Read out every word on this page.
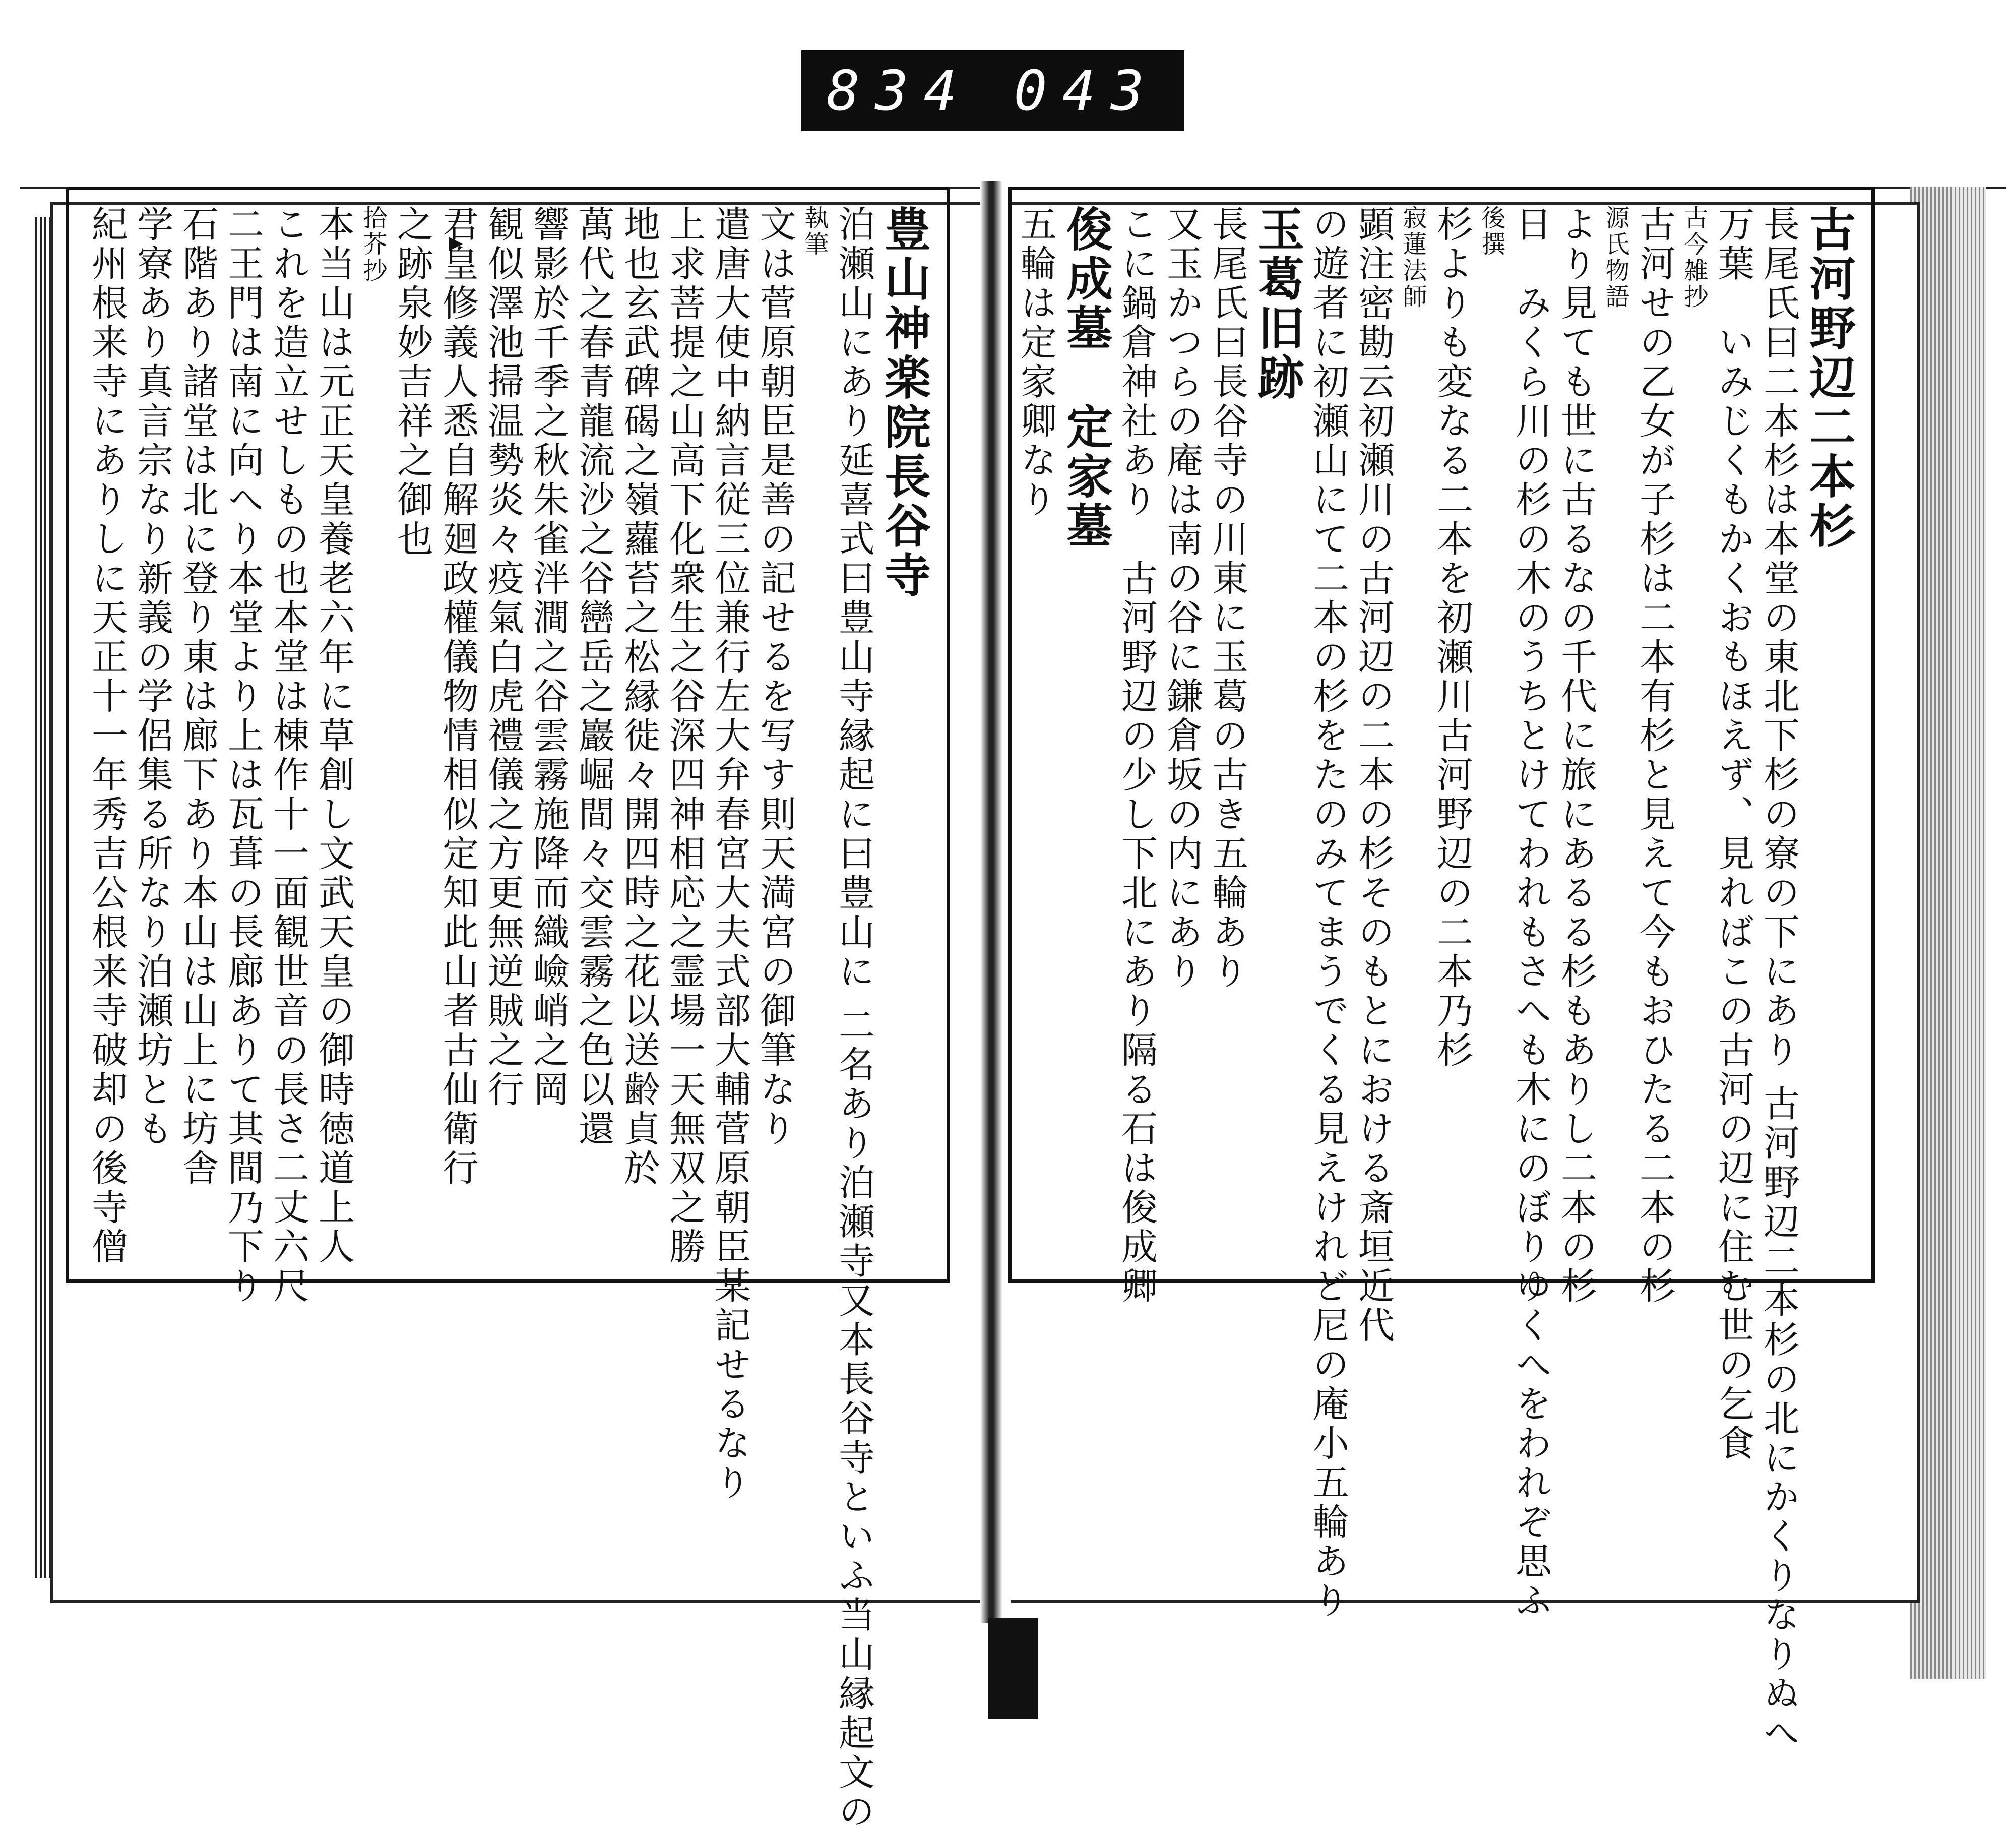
834 043
豊山神楽院長谷寺
泊瀬山にあり延喜式曰豊山寺縁起に曰豊山に 二名あり泊瀬寺又本長谷寺といふ当山縁起文の
執筆
文は菅原朝臣是善の記せるを写す則天満宮の御筆なり
遣唐大使中納言従三位兼行左大弁春宮大夫式部大輔菅原朝臣某記せるなり
上求菩提之山高下化衆生之谷深四神相応之霊場一天無双之勝
地也玄武碑碣之嶺蘿苔之松縁徙々開四時之花以送齢貞於
萬代之春青龍流沙之谷巒岳之巖崛間々交雲霧之色以還
響影於千季之秋朱雀泮澗之谷雲霧施降而織嶮峭之岡
観似澤池掃温勢炎々疫氣白虎禮儀之方更無逆賊之行
君皇修義人悉自解廻政權儀物情相似定知此山者古仙衛行
之跡泉妙吉祥之御也
拾芥抄
本当山は元正天皇養老六年に草創し文武天皇の御時徳道上人
これを造立せしもの也本堂は棟作十一面観世音の長さ二丈六尺
二王門は南に向へり本堂より上は瓦葺の長廊ありて其間乃下り
石階あり諸堂は北に登り東は廊下あり本山は山上に坊舎
学寮あり真言宗なり新義の学侶集る所なり泊瀬坊とも
紀州根来寺にありしに天正十一年秀吉公根来寺破却の後寺僧	古河野辺二本杉
長尾氏曰二本杉は本堂の東北下杉の寮の下にあり 古河野辺二本杉の北にかくりなりぬへ
万葉　いみじくもかくおもほえず、見ればこの古河の辺に住む世の乞食
古今雑抄
古河せの乙女が子杉は二本有杉と見えて今もおひたる二本の杉
源氏物語
より見ても世に古るなの千代に旅にあるる杉もありし二本の杉
日　みくら川の杉の木のうちとけてわれもさへも木にのぼりゆくへをわれぞ思ふ
後撰
杉よりも変なる二本を初瀬川古河野辺の二本乃杉
寂蓮法師
顕注密勘云初瀬川の古河辺の二本の杉そのもとにおける斎垣近代
の遊者に初瀬山にて二本の杉をたのみてまうでくる見えけれど尼の庵小五輪あり
玉葛旧跡
長尾氏曰長谷寺の川東に玉葛の古き五輪あり
又玉かつらの庵は南の谷に鎌倉坂の内にあり
こに鍋倉神社あり　古河野辺の少し下北にあり隔る石は俊成卿
俊成墓　定家墓
五輪は定家卿なり
